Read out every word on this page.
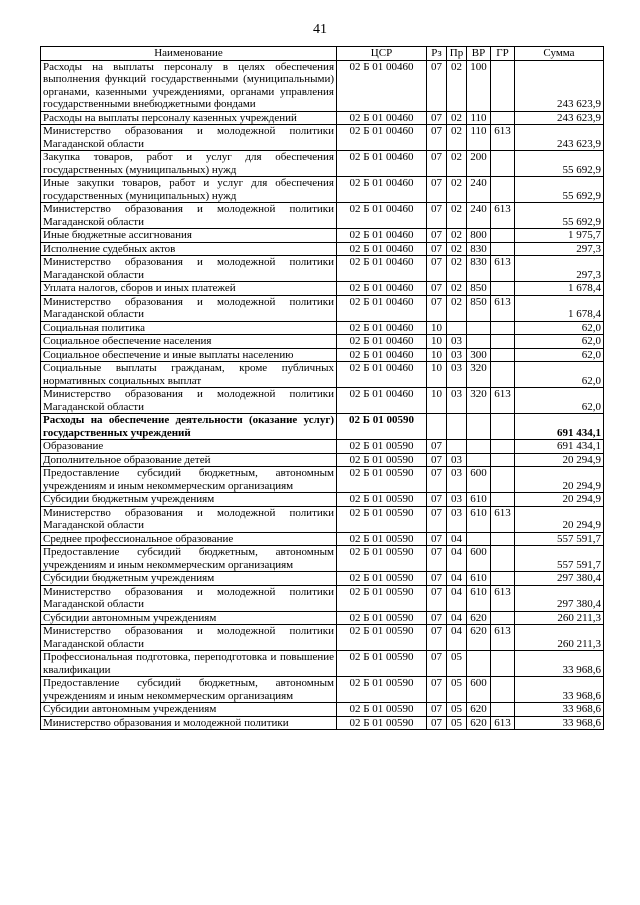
41
Наименование	ЦСР	Рз	Пр	ВР	ГР	Сумма
Расходы на выплаты персоналу в целях обеспечения выполнения функций государственными (муниципальными) органами, казенными учреждениями, органами управления государственными внебюджетными фондами	02 Б 01 00460	07	02	100		243 623,9
Расходы на выплаты персоналу казенных учреждений	02 Б 01 00460	07	02	110		243 623,9
Министерство образования и молодежной политики Магаданской области	02 Б 01 00460	07	02	110	613	243 623,9
Закупка товаров, работ и услуг для обеспечения государственных (муниципальных) нужд	02 Б 01 00460	07	02	200		55 692,9
Иные закупки товаров, работ и услуг для обеспечения государственных (муниципальных) нужд	02 Б 01 00460	07	02	240		55 692,9
Министерство образования и молодежной политики Магаданской области	02 Б 01 00460	07	02	240	613	55 692,9
Иные бюджетные ассигнования	02 Б 01 00460	07	02	800		1 975,7
Исполнение судебных актов	02 Б 01 00460	07	02	830		297,3
Министерство образования и молодежной политики Магаданской области	02 Б 01 00460	07	02	830	613	297,3
Уплата налогов, сборов и иных платежей	02 Б 01 00460	07	02	850		1 678,4
Министерство образования и молодежной политики Магаданской области	02 Б 01 00460	07	02	850	613	1 678,4
Социальная политика	02 Б 01 00460	10				62,0
Социальное обеспечение населения	02 Б 01 00460	10	03			62,0
Социальное обеспечение и иные выплаты населению	02 Б 01 00460	10	03	300		62,0
Социальные выплаты гражданам, кроме публичных нормативных социальных выплат	02 Б 01 00460	10	03	320		62,0
Министерство образования и молодежной политики Магаданской области	02 Б 01 00460	10	03	320	613	62,0
Расходы на обеспечение деятельности (оказание услуг) государственных учреждений	02 Б 01 00590					691 434,1
Образование	02 Б 01 00590	07				691 434,1
Дополнительное образование детей	02 Б 01 00590	07	03			20 294,9
Предоставление субсидий бюджетным, автономным учреждениям и иным некоммерческим организациям	02 Б 01 00590	07	03	600		20 294,9
Субсидии бюджетным учреждениям	02 Б 01 00590	07	03	610		20 294,9
Министерство образования и молодежной политики Магаданской области	02 Б 01 00590	07	03	610	613	20 294,9
Среднее профессиональное образование	02 Б 01 00590	07	04			557 591,7
Предоставление субсидий бюджетным, автономным учреждениям и иным некоммерческим организациям	02 Б 01 00590	07	04	600		557 591,7
Субсидии бюджетным учреждениям	02 Б 01 00590	07	04	610		297 380,4
Министерство образования и молодежной политики Магаданской области	02 Б 01 00590	07	04	610	613	297 380,4
Субсидии автономным учреждениям	02 Б 01 00590	07	04	620		260 211,3
Министерство образования и молодежной политики Магаданской области	02 Б 01 00590	07	04	620	613	260 211,3
Профессиональная подготовка, переподготовка и повышение квалификации	02 Б 01 00590	07	05			33 968,6
Предоставление субсидий бюджетным, автономным учреждениям и иным некоммерческим организациям	02 Б 01 00590	07	05	600		33 968,6
Субсидии автономным учреждениям	02 Б 01 00590	07	05	620		33 968,6
Министерство образования и молодежной политики	02 Б 01 00590	07	05	620	613	33 968,6
